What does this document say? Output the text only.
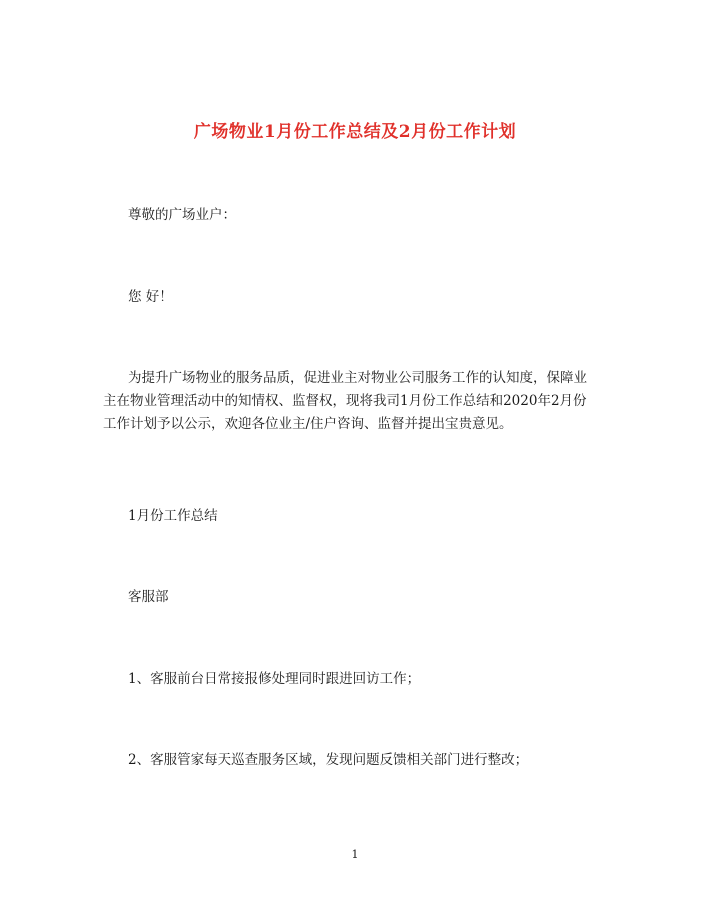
广场物业1月份工作总结及2月份工作计划
尊敬的广场业户：
您 好！
为提升广场物业的服务品质，促进业主对物业公司服务工作的认知度，保障业
主在物业管理活动中的知情权、监督权，现将我司1月份工作总结和2020年2月份
工作计划予以公示，欢迎各位业主/住户咨询、监督并提出宝贵意见。
1月份工作总结
客服部
1、客服前台日常接报修处理同时跟进回访工作；
2、客服管家每天巡查服务区域，发现问题反馈相关部门进行整改；
1
